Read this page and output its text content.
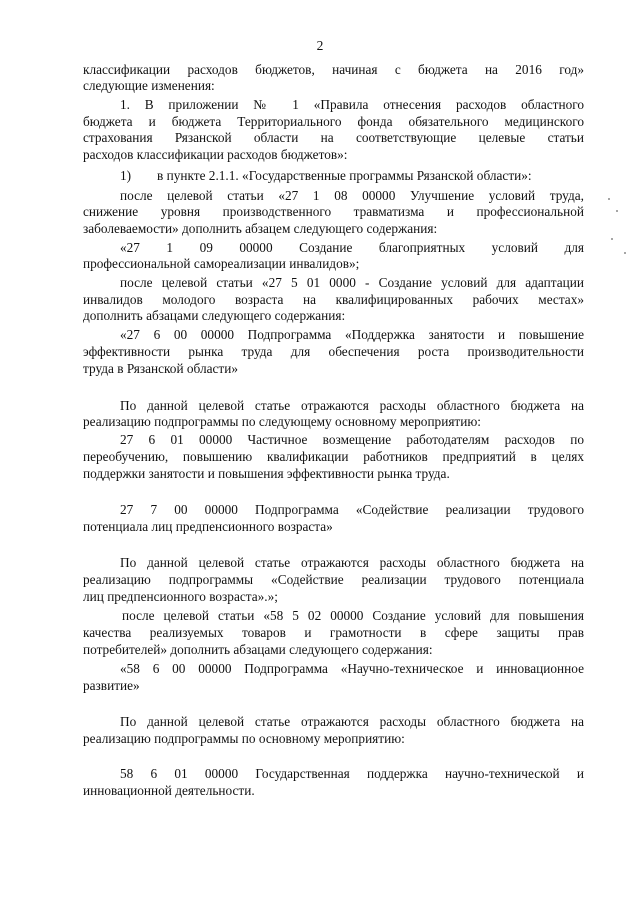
2
классификации расходов бюджетов, начиная с бюджета на 2016 год»
следующие изменения:
1. В приложении № 1 «Правила отнесения расходов областного
бюджета и бюджета Территориального фонда обязательного медицинского
страхования Рязанской области на соответствующие целевые статьи
расходов классификации расходов бюджетов»:
1) в пункте 2.1.1. «Государственные программы Рязанской области»:
после целевой статьи «27 1 08 00000 Улучшение условий труда,
снижение уровня производственного травматизма и профессиональной
заболеваемости» дополнить абзацем следующего содержания:
«27 1 09 00000 Создание благоприятных условий для
профессиональной самореализации инвалидов»;
после целевой статьи «27 5 01 0000 - Создание условий для адаптации
инвалидов молодого возраста на квалифицированных рабочих местах»
дополнить абзацами следующего содержания:
«27 6 00 00000 Подпрограмма «Поддержка занятости и повышение
эффективности рынка труда для обеспечения роста производительности
труда в Рязанской области»
По данной целевой статье отражаются расходы областного бюджета на
реализацию подпрограммы по следующему основному мероприятию:
27 6 01 00000 Частичное возмещение работодателям расходов по
переобучению, повышению квалификации работников предприятий в целях
поддержки занятости и повышения эффективности рынка труда.
27 7 00 00000 Подпрограмма «Содействие реализации трудового
потенциала лиц предпенсионного возраста»
По данной целевой статье отражаются расходы областного бюджета на
реализацию подпрограммы «Содействие реализации трудового потенциала
лиц предпенсионного возраста».»;
после целевой статьи «58 5 02 00000 Создание условий для повышения
качества реализуемых товаров и грамотности в сфере защиты прав
потребителей» дополнить абзацами следующего содержания:
«58 6 00 00000 Подпрограмма «Научно-техническое и инновационное
развитие»
По данной целевой статье отражаются расходы областного бюджета на
реализацию подпрограммы по основному мероприятию:
58 6 01 00000 Государственная поддержка научно-технической и
инновационной деятельности.
